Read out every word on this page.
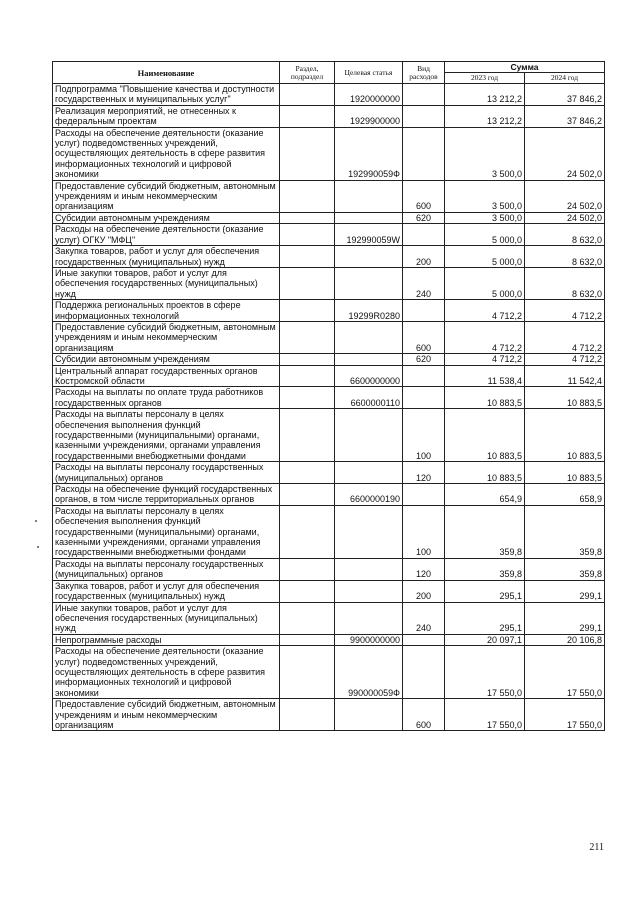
Наименование	Раздел, подраздел	Целевая статья	Вид расходов	Сумма	
				2023 год	2024 год
Подпрограмма "Повышение качества и доступности государственных и муниципальных услуг"		1920000000		13 212,2	37 846,2
Реализация мероприятий, не отнесенных к федеральным проектам		1929900000		13 212,2	37 846,2
Расходы на обеспечение деятельности (оказание услуг) подведомственных учреждений, осуществляющих деятельность в сфере развития информационных технологий и цифровой экономики		192990059Ф		3 500,0	24 502,0
Предоставление субсидий бюджетным, автономным учреждениям и иным некоммерческим организациям			600	3 500,0	24 502,0
Субсидии автономным учреждениям			620	3 500,0	24 502,0
Расходы на обеспечение деятельности (оказание услуг) ОГКУ "МФЦ"		192990059W		5 000,0	8 632,0
Закупка товаров, работ и услуг для обеспечения государственных (муниципальных) нужд			200	5 000,0	8 632,0
Иные закупки товаров, работ и услуг для обеспечения государственных (муниципальных) нужд			240	5 000,0	8 632,0
Поддержка региональных проектов в сфере информационных технологий		19299R0280		4 712,2	4 712,2
Предоставление субсидий бюджетным, автономным учреждениям и иным некоммерческим организациям			600	4 712,2	4 712,2
Субсидии автономным учреждениям			620	4 712,2	4 712,2
Центральный аппарат государственных органов Костромской области		6600000000		11 538,4	11 542,4
Расходы на выплаты по оплате труда работников государственных органов		6600000110		10 883,5	10 883,5
Расходы на выплаты персоналу в целях обеспечения выполнения функций государственными (муниципальными) органами, казенными учреждениями, органами управления государственными внебюджетными фондами			100	10 883,5	10 883,5
Расходы на выплаты персоналу государственных (муниципальных) органов			120	10 883,5	10 883,5
Расходы на обеспечение функций государственных органов, в том числе территориальных органов		6600000190		654,9	658,9
Расходы на выплаты персоналу в целях обеспечения выполнения функций государственными (муниципальными) органами, казенными учреждениями, органами управления государственными внебюджетными фондами			100	359,8	359,8
Расходы на выплаты персоналу государственных (муниципальных) органов			120	359,8	359,8
Закупка товаров, работ и услуг для обеспечения государственных (муниципальных) нужд			200	295,1	299,1
Иные закупки товаров, работ и услуг для обеспечения государственных (муниципальных) нужд			240	295,1	299,1
Непрограммные расходы		9900000000		20 097,1	20 106,8
Расходы на обеспечение деятельности (оказание услуг) подведомственных учреждений, осуществляющих деятельность в сфере развития информационных технологий и цифровой экономики		990000059Ф		17 550,0	17 550,0
Предоставление субсидий бюджетным, автономным учреждениям и иным некоммерческим организациям			600	17 550,0	17 550,0
211
